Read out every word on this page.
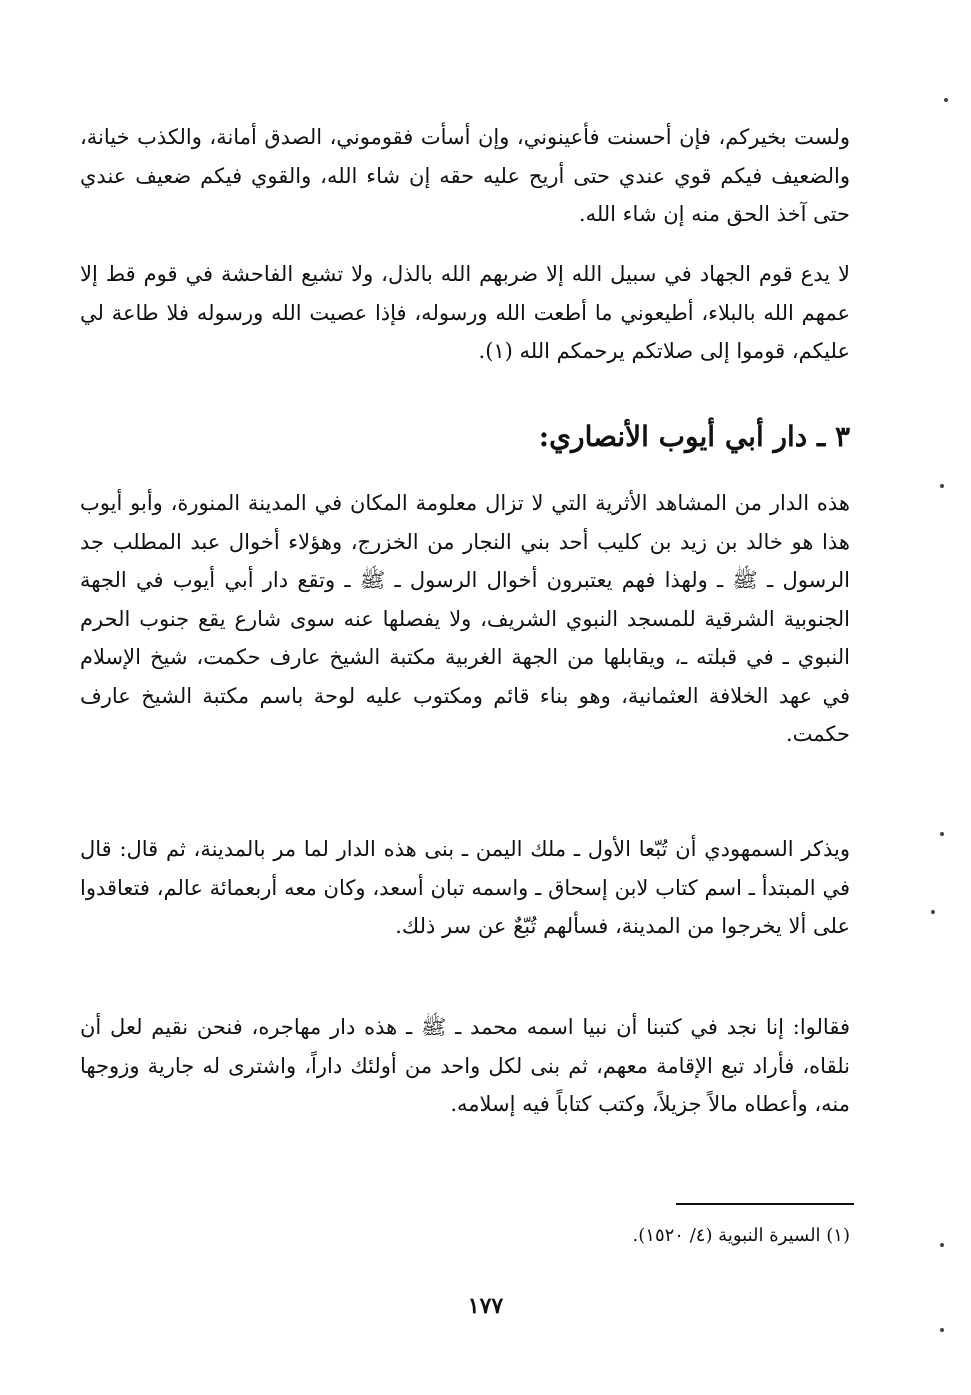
ولست بخيركم، فإن أحسنت فأعينوني، وإن أسأت فقوموني، الصدق أمانة، والكذب خيانة، والضعيف فيكم قوي عندي حتى أريح عليه حقه إن شاء الله، والقوي فيكم ضعيف عندي حتى آخذ الحق منه إن شاء الله.

لا يدع قوم الجهاد في سبيل الله إلا ضربهم الله بالذل، ولا تشيع الفاحشة في قوم قط إلا عمهم الله بالبلاء، أطيعوني ما أطعت الله ورسوله، فإذا عصيت الله ورسوله فلا طاعة لي عليكم، قوموا إلى صلاتكم يرحمكم الله (١).

٣ ـ دار أبي أيوب الأنصاري:

هذه الدار من المشاهد الأثرية التي لا تزال معلومة المكان في المدينة المنورة، وأبو أيوب هذا هو خالد بن زيد بن كليب أحد بني النجار من الخزرج، وهؤلاء أخوال عبد المطلب جد الرسول ـ ﷺ ـ ولهذا فهم يعتبرون أخوال الرسول ـ ﷺ ـ وتقع دار أبي أيوب في الجهة الجنوبية الشرقية للمسجد النبوي الشريف، ولا يفصلها عنه سوى شارع يقع جنوب الحرم النبوي ـ في قبلته ـ، ويقابلها من الجهة الغربية مكتبة الشيخ عارف حكمت، شيخ الإسلام في عهد الخلافة العثمانية، وهو بناء قائم ومكتوب عليه لوحة باسم مكتبة الشيخ عارف حكمت.

ويذكر السمهودي أن تُبّعا الأول ـ ملك اليمن ـ بنى هذه الدار لما مر بالمدينة، ثم قال: قال في المبتدأ ـ اسم كتاب لابن إسحاق ـ واسمه تبان أسعد، وكان معه أربعمائة عالم، فتعاقدوا على ألا يخرجوا من المدينة، فسألهم تُبّعٌ عن سر ذلك.

فقالوا: إنا نجد في كتبنا أن نبيا اسمه محمد ـ ﷺ ـ هذه دار مهاجره، فنحن نقيم لعل أن نلقاه، فأراد تبع الإقامة معهم، ثم بنى لكل واحد من أولئك داراً، واشترى له جارية وزوجها منه، وأعطاه مالاً جزيلاً، وكتب كتاباً فيه إسلامه.

(١) السيرة النبوية (٤/ ١٥٢٠).

١٧٧
